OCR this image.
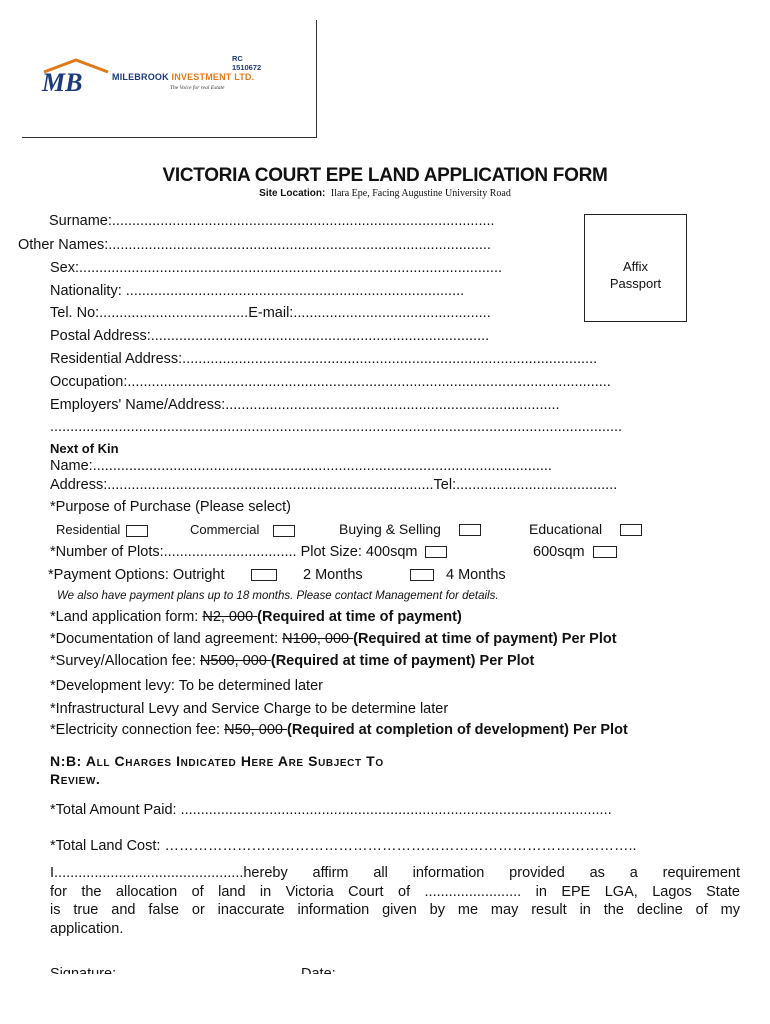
MB
RC 1510672
MILEBROOK INVESTMENT LTD.
The Voice for real Estate
VICTORIA COURT EPE LAND APPLICATION FORM
Site Location: Ilara Epe, Facing Augustine University Road
Affix
Passport
Surname:...............................................................................................
Other Names:...............................................................................................
Sex:.........................................................................................................
Nationality: ....................................................................................
Tel. No:.....................................E-mail:.................................................
Postal Address:....................................................................................
Residential Address:.......................................................................................................
Occupation:........................................................................................................................
Employers' Name/Address:...................................................................................
..............................................................................................................................................
Next of Kin
Name:..................................................................................................................
Address:.................................................................................Tel:........................................
*Purpose of Purchase (Please select)
Residential	Commercial	Buying & Selling	Educational
*Number of Plots:................................. Plot Size: 400sqm	600sqm
*Payment Options: Outright	2 Months	4 Months
We also have payment plans up to 18 months. Please contact Management for details.
*Land application form: N2, 000 (Required at time of payment)
*Documentation of land agreement: N100, 000 (Required at time of payment) Per Plot
*Survey/Allocation fee: N500, 000 (Required at time of payment) Per Plot
*Development levy: To be determined later
*Infrastructural Levy and Service Charge to be determine later
*Electricity connection fee: N50, 000 (Required at completion of development) Per Plot
N:B: All Charges Indicated Here Are Subject To
Review.
*Total Amount Paid: ...........................................................................................................
*Total Land Cost: ……………………………………………………………………………………..
I...............................................hereby affirm all information provided as a requirement
for the allocation of land in Victoria Court of ........................ in EPE LGA, Lagos State
is true and false or inaccurate information given by me may result in the decline of my
application.
